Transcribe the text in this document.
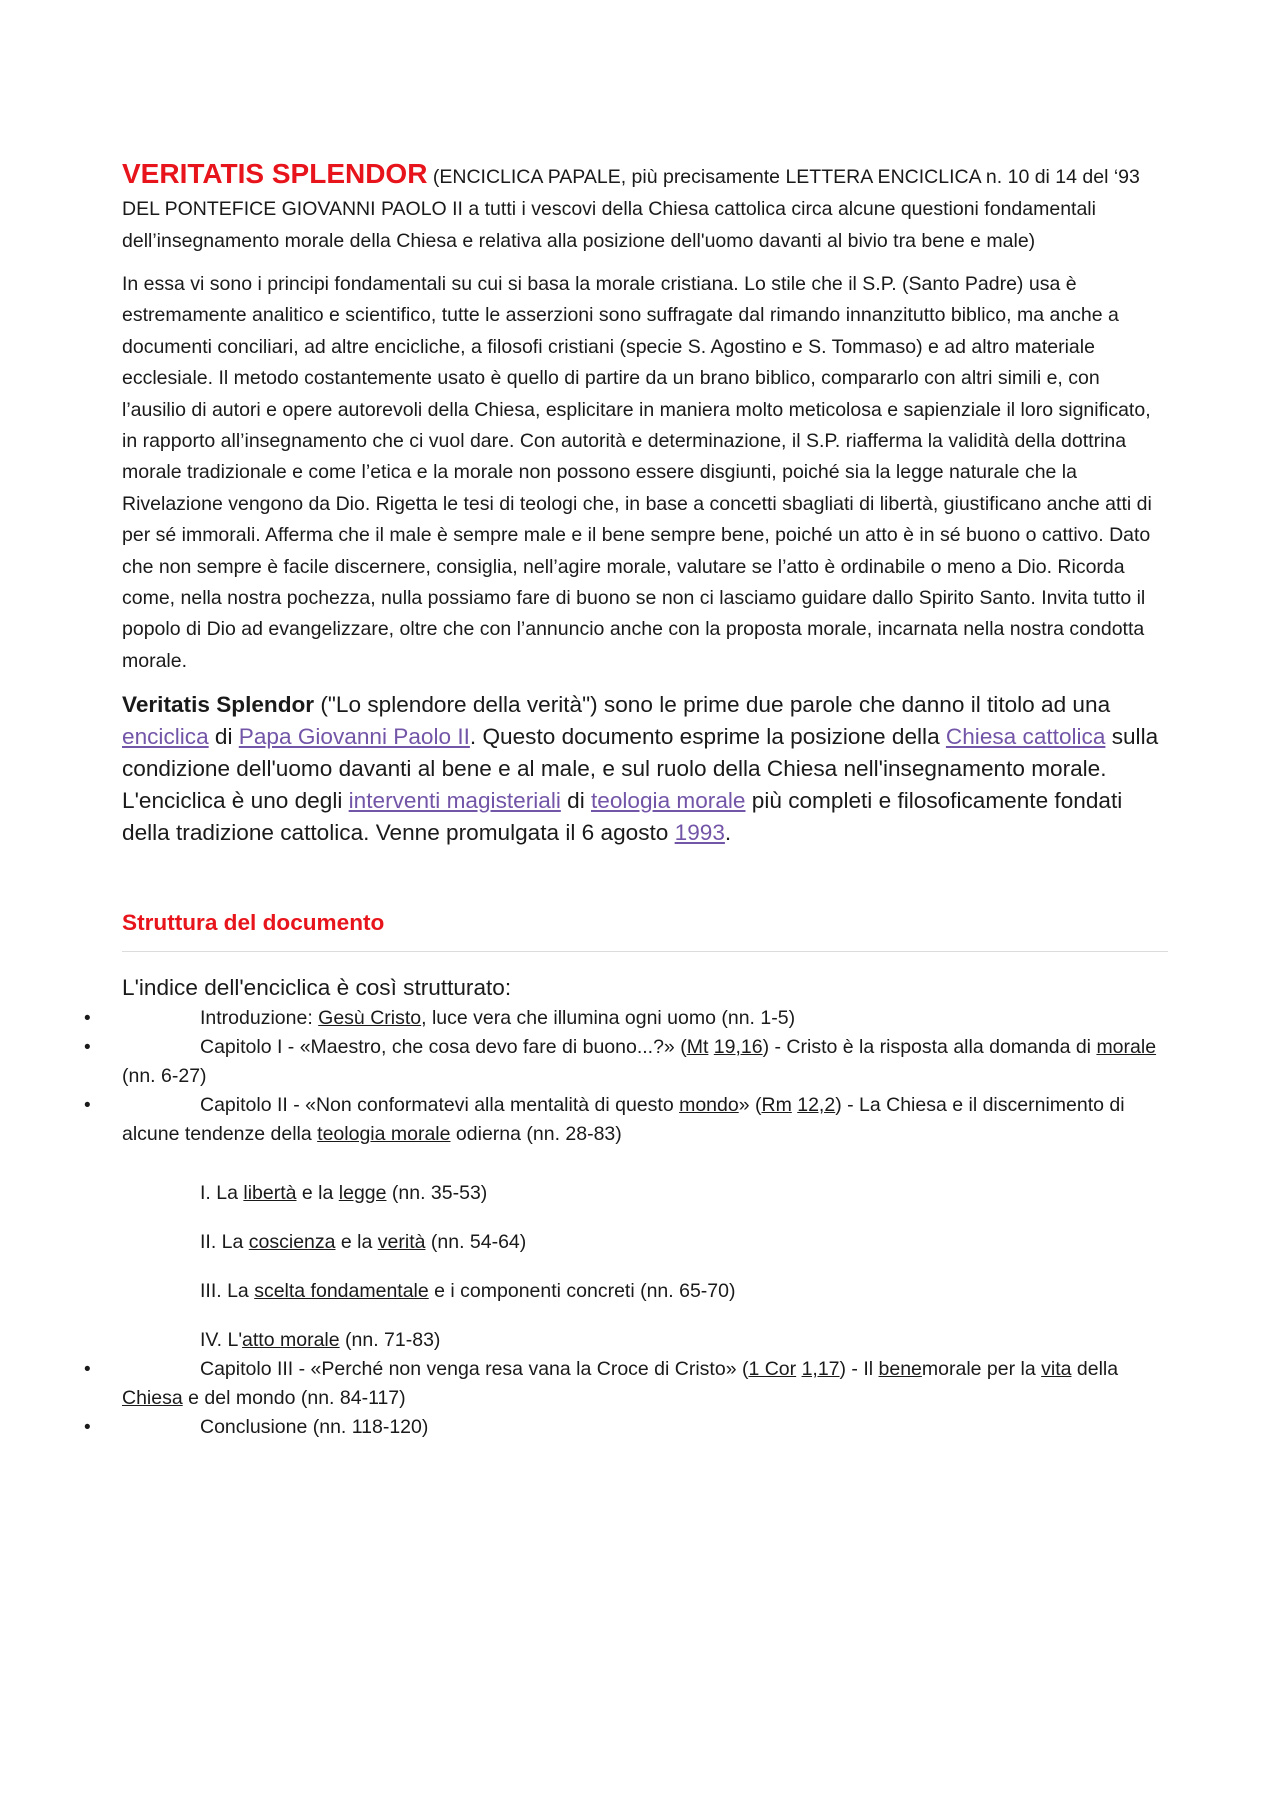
VERITATIS SPLENDOR (ENCICLICA PAPALE, più precisamente LETTERA ENCICLICA n. 10 di 14 del ‘93 DEL PONTEFICE GIOVANNI PAOLO II a tutti i vescovi della Chiesa cattolica circa alcune questioni fondamentali dell’insegnamento morale della Chiesa e relativa alla posizione dell'uomo davanti al bivio tra bene e male)

In essa vi sono i principi fondamentali su cui si basa la morale cristiana. Lo stile che il S.P. (Santo Padre) usa è estremamente analitico e scientifico, tutte le asserzioni sono suffragate dal rimando innanzitutto biblico, ma anche a documenti conciliari, ad altre encicliche, a filosofi cristiani (specie S. Agostino e S. Tommaso) e ad altro materiale ecclesiale. Il metodo costantemente usato è quello di partire da un brano biblico, compararlo con altri simili e, con l’ausilio di autori e opere autorevoli della Chiesa, esplicitare in maniera molto meticolosa e sapienziale il loro significato, in rapporto all’insegnamento che ci vuol dare. Con autorità e determinazione, il S.P. riafferma la validità della dottrina morale tradizionale e come l’etica e la morale non possono essere disgiunti, poiché sia la legge naturale che la Rivelazione vengono da Dio. Rigetta le tesi di teologi che, in base a concetti sbagliati di libertà, giustificano anche atti di per sé immorali. Afferma che il male è sempre male e il bene sempre bene, poiché un atto è in sé buono o cattivo. Dato che non sempre è facile discernere, consiglia, nell’agire morale, valutare se l’atto è ordinabile o meno a Dio. Ricorda come, nella nostra pochezza, nulla possiamo fare di buono se non ci lasciamo guidare dallo Spirito Santo. Invita tutto il popolo di Dio ad evangelizzare, oltre che con l’annuncio anche con la proposta morale, incarnata nella nostra condotta morale.

Veritatis Splendor ("Lo splendore della verità") sono le prime due parole che danno il titolo ad una enciclica di Papa Giovanni Paolo II. Questo documento esprime la posizione della Chiesa cattolica sulla condizione dell'uomo davanti al bene e al male, e sul ruolo della Chiesa nell'insegnamento morale. L'enciclica è uno degli interventi magisteriali di teologia morale più completi e filosoficamente fondati della tradizione cattolica. Venne promulgata il 6 agosto 1993.

Struttura del documento

L'indice dell'enciclica è così strutturato:

•	Introduzione: Gesù Cristo, luce vera che illumina ogni uomo (nn. 1-5)
•	Capitolo I - «Maestro, che cosa devo fare di buono...?» (Mt 19,16) - Cristo è la risposta alla domanda di morale (nn. 6-27)
•	Capitolo II - «Non conformatevi alla mentalità di questo mondo» (Rm 12,2) - La Chiesa e il discernimento di alcune tendenze della teologia morale odierna (nn. 28-83)

I. La libertà e la legge (nn. 35-53)

II. La coscienza e la verità (nn. 54-64)

III. La scelta fondamentale e i componenti concreti (nn. 65-70)

IV. L'atto morale (nn. 71-83)

•	Capitolo III - «Perché non venga resa vana la Croce di Cristo» (1 Cor 1,17) - Il benemorale per la vita della Chiesa e del mondo (nn. 84-117)
•	Conclusione (nn. 118-120)
